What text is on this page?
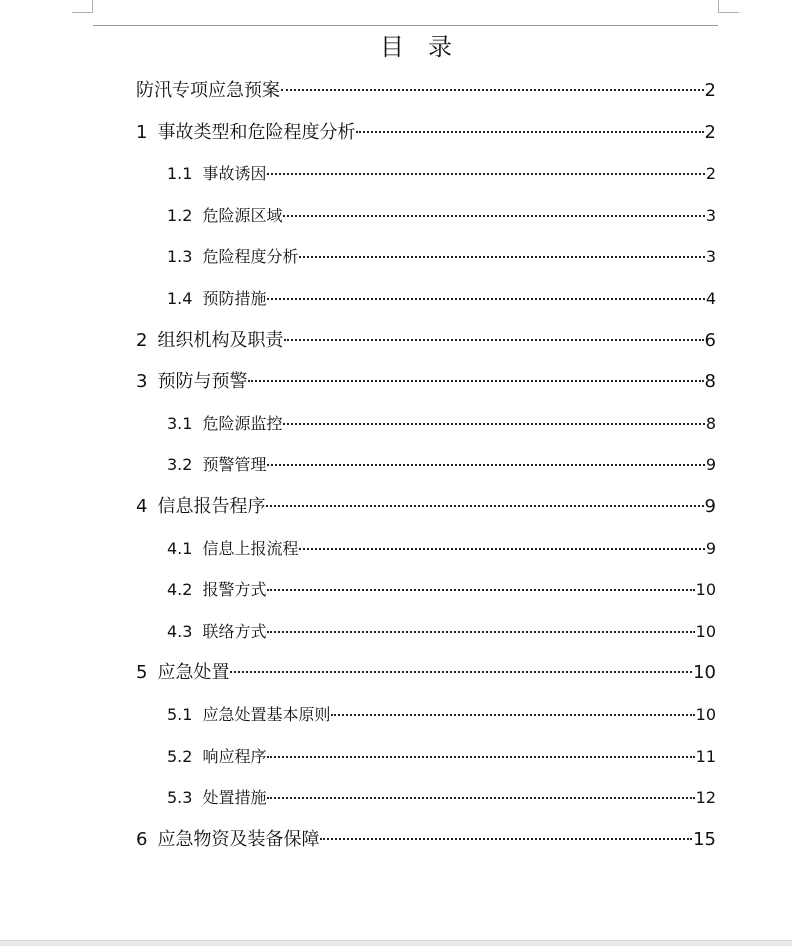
目录
防汛专项应急预案	2
1 事故类型和危险程度分析	2
1.1 事故诱因	2
1.2 危险源区域	3
1.3 危险程度分析	3
1.4 预防措施	4
2 组织机构及职责	6
3 预防与预警	8
3.1 危险源监控	8
3.2 预警管理	9
4 信息报告程序	9
4.1 信息上报流程	9
4.2 报警方式	10
4.3 联络方式	10
5 应急处置	10
5.1 应急处置基本原则	10
5.2 响应程序	11
5.3 处置措施	12
6 应急物资及装备保障	15
